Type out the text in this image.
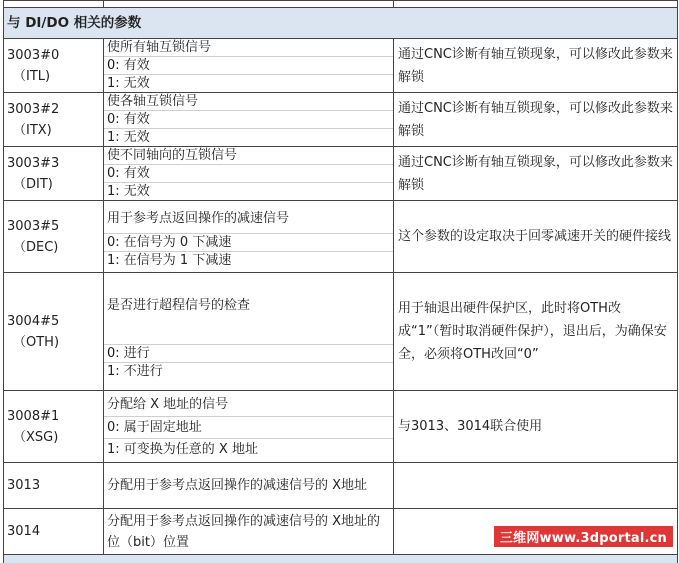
与 DI/DO 相关的参数		

3003#0
（ITL)	使所有轴互锁信号
0: 有效
1: 无效	通过CNC诊断有轴互锁现象，可以修改此参数来解锁

3003#2
（ITX)	使各轴互锁信号
0: 有效
1: 无效	通过CNC诊断有轴互锁现象，可以修改此参数来解锁

3003#3
（DIT)	使不同轴向的互锁信号
0: 有效
1: 无效	通过CNC诊断有轴互锁现象，可以修改此参数来解锁

3003#5
（DEC)	用于参考点返回操作的减速信号
0: 在信号为 0 下减速
1: 在信号为 1 下减速	这个参数的设定取决于回零减速开关的硬件接线

3004#5
（OTH)	是否进行超程信号的检查
0: 进行
1: 不进行	用于轴退出硬件保护区，此时将OTH改成“1”（暂时取消硬件保护），退出后，为确保安全，必须将OTH改回“0”

3008#1
（XSG)	分配给 X 地址的信号
0: 属于固定地址
1: 可变换为任意的 X 地址	与3013、3014联合使用

3013	分配用于参考点返回操作的减速信号的 X地址	

3014	分配用于参考点返回操作的减速信号的 X地址的位（bit）位置		三维网www.3dportal.cn
